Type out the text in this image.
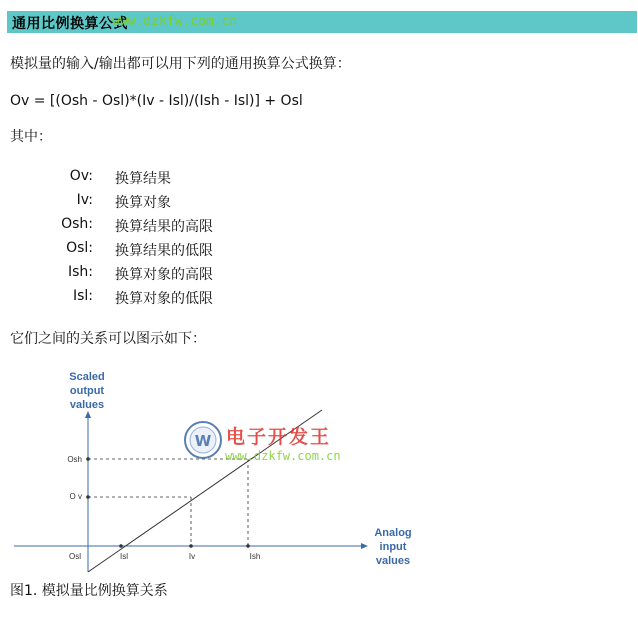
通用比例换算公式
www.dzkfw.com.cn
模拟量的输入/输出都可以用下列的通用换算公式换算：
Ov = [(Osh - Osl)*(Iv - Isl)/(Ish - Isl)] + Osl
其中：
Ov: 换算结果
Iv: 换算对象
Osh: 换算结果的高限
Osl: 换算结果的低限
Ish: 换算对象的高限
Isl: 换算对象的低限
它们之间的关系可以图示如下：
Scaled
output
values
Analog
input
values
Osh
O v
Osl	Isl	Iv	Ish
W 电子开发王
www.dzkfw.com.cn
图1. 模拟量比例换算关系
